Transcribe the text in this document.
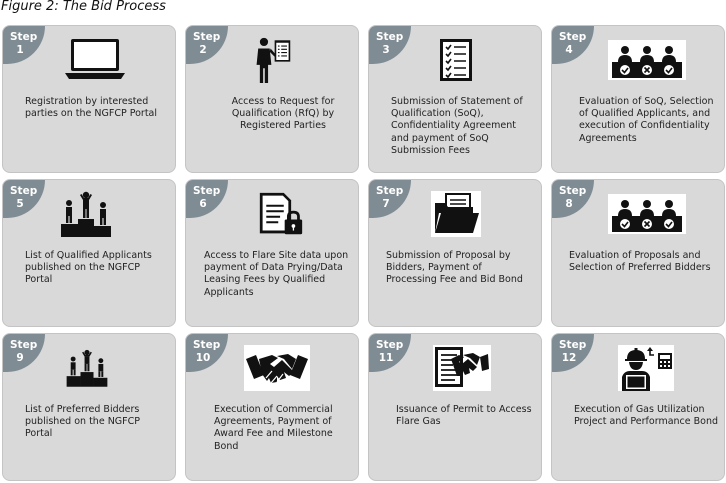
Figure 2: The Bid Process
Step
1
Registration by interested parties on the NGFCP Portal
Step
2
Access to Request for Qualification (RfQ) by Registered Parties
Step
3
Submission of Statement of Qualification (SoQ), Confidentiality Agreement and payment of SoQ Submission Fees
Step
4
Evaluation of SoQ, Selection of Qualified Applicants, and execution of Confidentiality Agreements
Step
5
List of Qualified Applicants published on the NGFCP Portal
Step
6
Access to Flare Site data upon payment of Data Prying/Data Leasing Fees by Qualified Applicants
Step
7
Submission of Proposal by Bidders, Payment of Processing Fee and Bid Bond
Step
8
Evaluation of Proposals and Selection of Preferred Bidders
Step
9
List of Preferred Bidders published on the NGFCP Portal
Step
10
Execution of Commercial Agreements, Payment of Award Fee and Milestone Bond
Step
11
Issuance of Permit to Access Flare Gas
Step
12
Execution of Gas Utilization Project and Performance Bond
